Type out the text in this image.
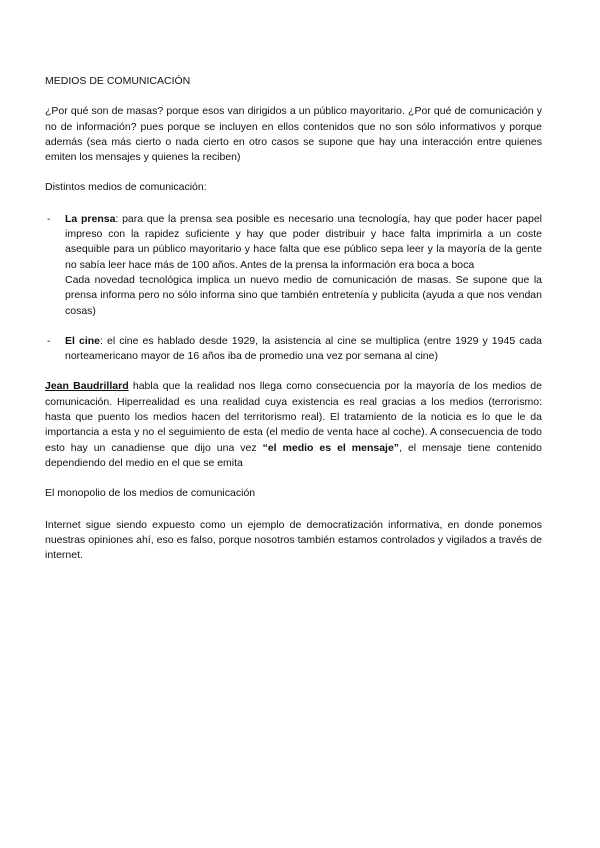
MEDIOS DE COMUNICACIÓN

¿Por qué son de masas? porque esos van dirigidos a un público mayoritario. ¿Por qué de comunicación y no de información? pues porque se incluyen en ellos contenidos que no son sólo informativos y porque además (sea más cierto o nada cierto en otro casos se supone que hay una interacción entre quienes emiten los mensajes y quienes la reciben)

Distintos medios de comunicación:

-	La prensa: para que la prensa sea posible es necesario una tecnología, hay que poder hacer papel impreso con la rapidez suficiente y hay que poder distribuir y hace falta imprimirla a un coste asequible para un público mayoritario y hace falta que ese público sepa leer y la mayoría de la gente no sabía leer hace más de 100 años. Antes de la prensa la información era boca a boca

Cada novedad tecnológica implica un nuevo medio de comunicación de masas. Se supone que la prensa informa pero no sólo informa sino que también entretenía y publicita (ayuda a que nos vendan cosas)

-	El cine: el cine es hablado desde 1929, la asistencia al cine se multiplica (entre 1929 y 1945 cada norteamericano mayor de 16 años iba de promedio una vez por semana al cine)

Jean Baudrillard habla que la realidad nos llega como consecuencia por la mayoría de los medios de comunicación. Hiperrealidad es una realidad cuya existencia es real gracias a los medios (terrorismo: hasta que puento los medios hacen del territorismo real). El tratamiento de la noticia es lo que le da importancia a esta y no el seguimiento de esta (el medio de venta hace al coche). A consecuencia de todo esto hay un canadiense que dijo una vez “el medio es el mensaje”, el mensaje tiene contenido dependiendo del medio en el que se emita

El monopolio de los medios de comunicación

Internet sigue siendo expuesto como un ejemplo de democratización informativa, en donde ponemos nuestras opiniones ahí, eso es falso, porque nosotros también estamos controlados y vigilados a través de internet.
